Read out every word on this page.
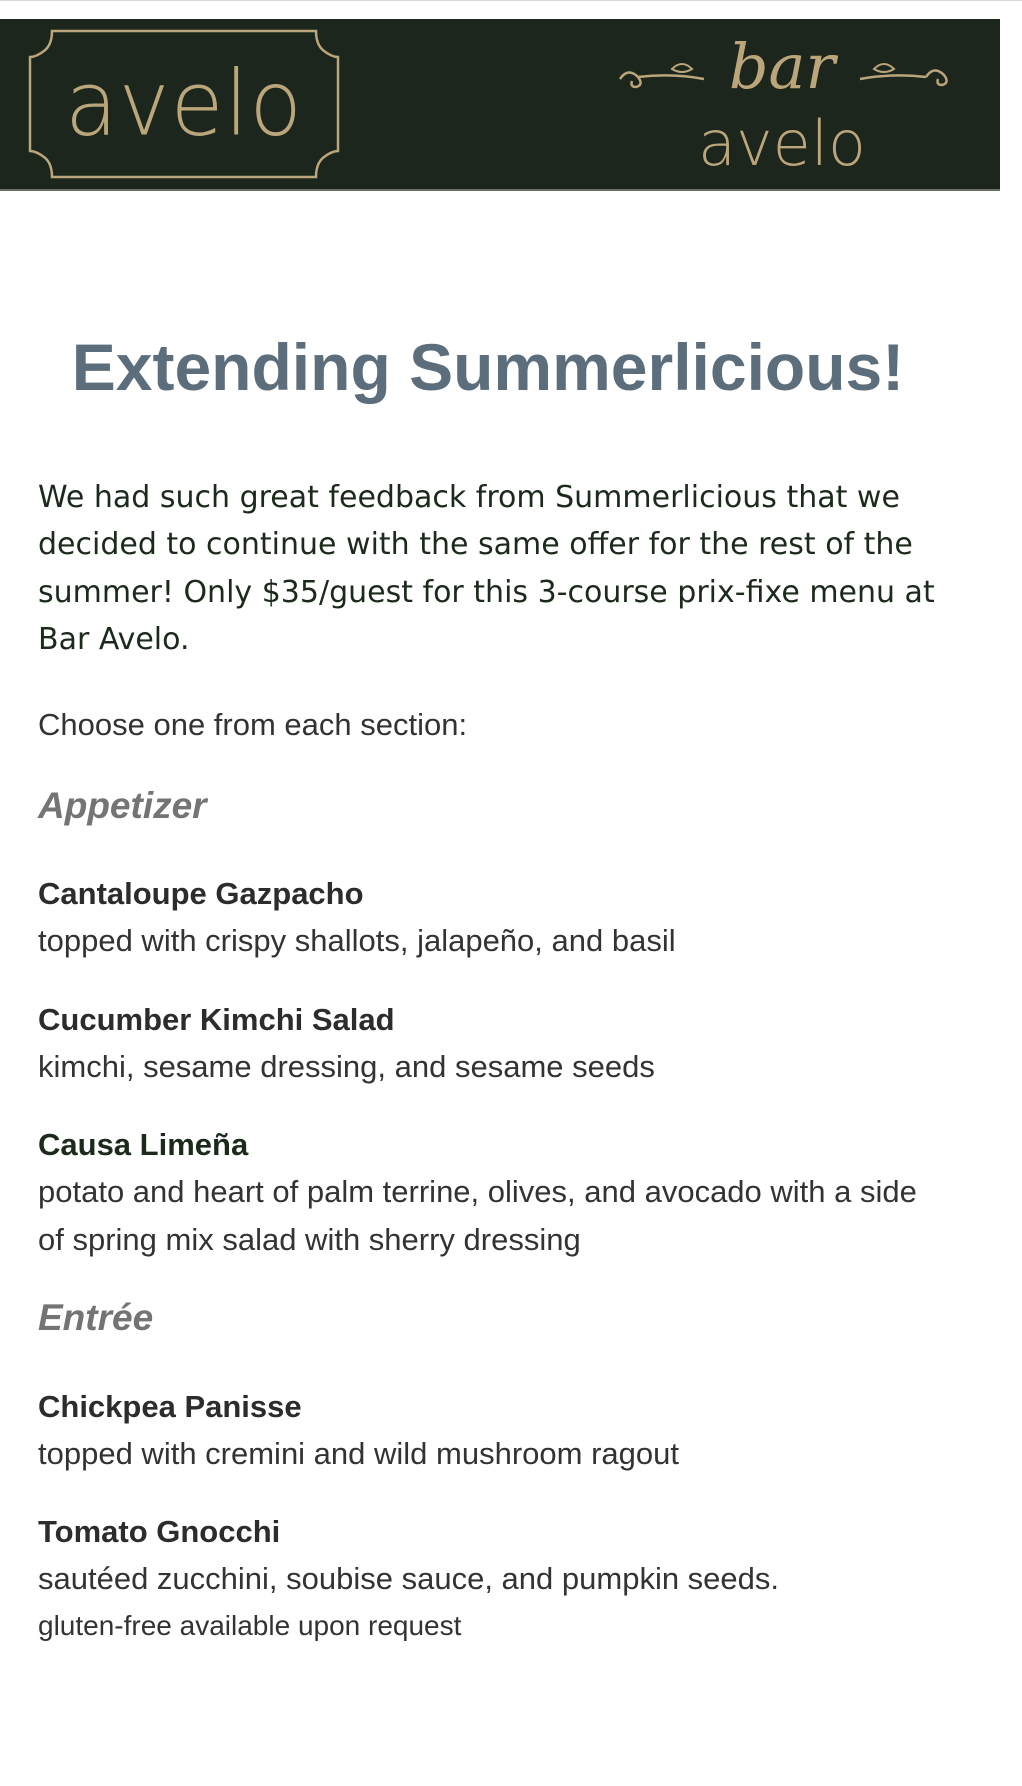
avelo	bar
avelo
Extending Summerlicious!

We had such great feedback from Summerlicious that we decided to continue with the same offer for the rest of the summer! Only $35/guest for this 3-course prix-fixe menu at Bar Avelo.

Choose one from each section:

Appetizer

Cantaloupe Gazpacho

topped with crispy shallots, jalapeño, and basil

Cucumber Kimchi Salad

kimchi, sesame dressing, and sesame seeds

Causa Limeña

potato and heart of palm terrine, olives, and avocado with a side of spring mix salad with sherry dressing

Entrée

Chickpea Panisse

topped with cremini and wild mushroom ragout

Tomato Gnocchi

sautéed zucchini, soubise sauce, and pumpkin seeds.

gluten-free available upon request
